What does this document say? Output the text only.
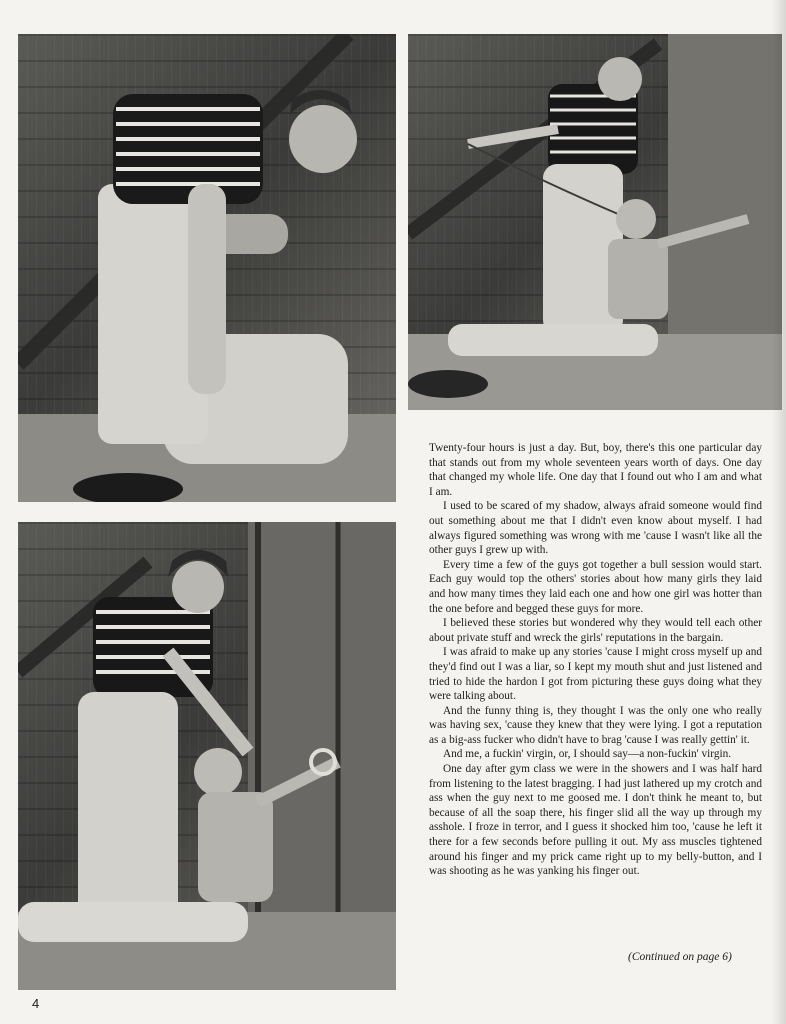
Twenty-four hours is just a day. But, boy, there's this one particular day that stands out from my whole seventeen years worth of days. One day that changed my whole life. One day that I found out who I am and what I am.

I used to be scared of my shadow, always afraid someone would find out something about me that I didn't even know about myself. I had always figured something was wrong with me 'cause I wasn't like all the other guys I grew up with.

Every time a few of the guys got together a bull session would start. Each guy would top the others' stories about how many girls they laid and how many times they laid each one and how one girl was hotter than the one before and begged these guys for more.

I believed these stories but wondered why they would tell each other about private stuff and wreck the girls' reputations in the bargain.

I was afraid to make up any stories 'cause I might cross myself up and they'd find out I was a liar, so I kept my mouth shut and just listened and tried to hide the hardon I got from picturing these guys doing what they were talking about.

And the funny thing is, they thought I was the only one who really was having sex, 'cause they knew that they were lying. I got a reputation as a big-ass fucker who didn't have to brag 'cause I was really gettin' it.

And me, a fuckin' virgin, or, I should say—a non-fuckin' virgin.

One day after gym class we were in the showers and I was half hard from listening to the latest bragging. I had just lathered up my crotch and ass when the guy next to me goosed me. I don't think he meant to, but because of all the soap there, his finger slid all the way up through my asshole. I froze in terror, and I guess it shocked him too, 'cause he left it there for a few seconds before pulling it out. My ass muscles tightened around his finger and my prick came right up to my belly-button, and I was shooting as he was yanking his finger out.

(Continued on page 6)
4
